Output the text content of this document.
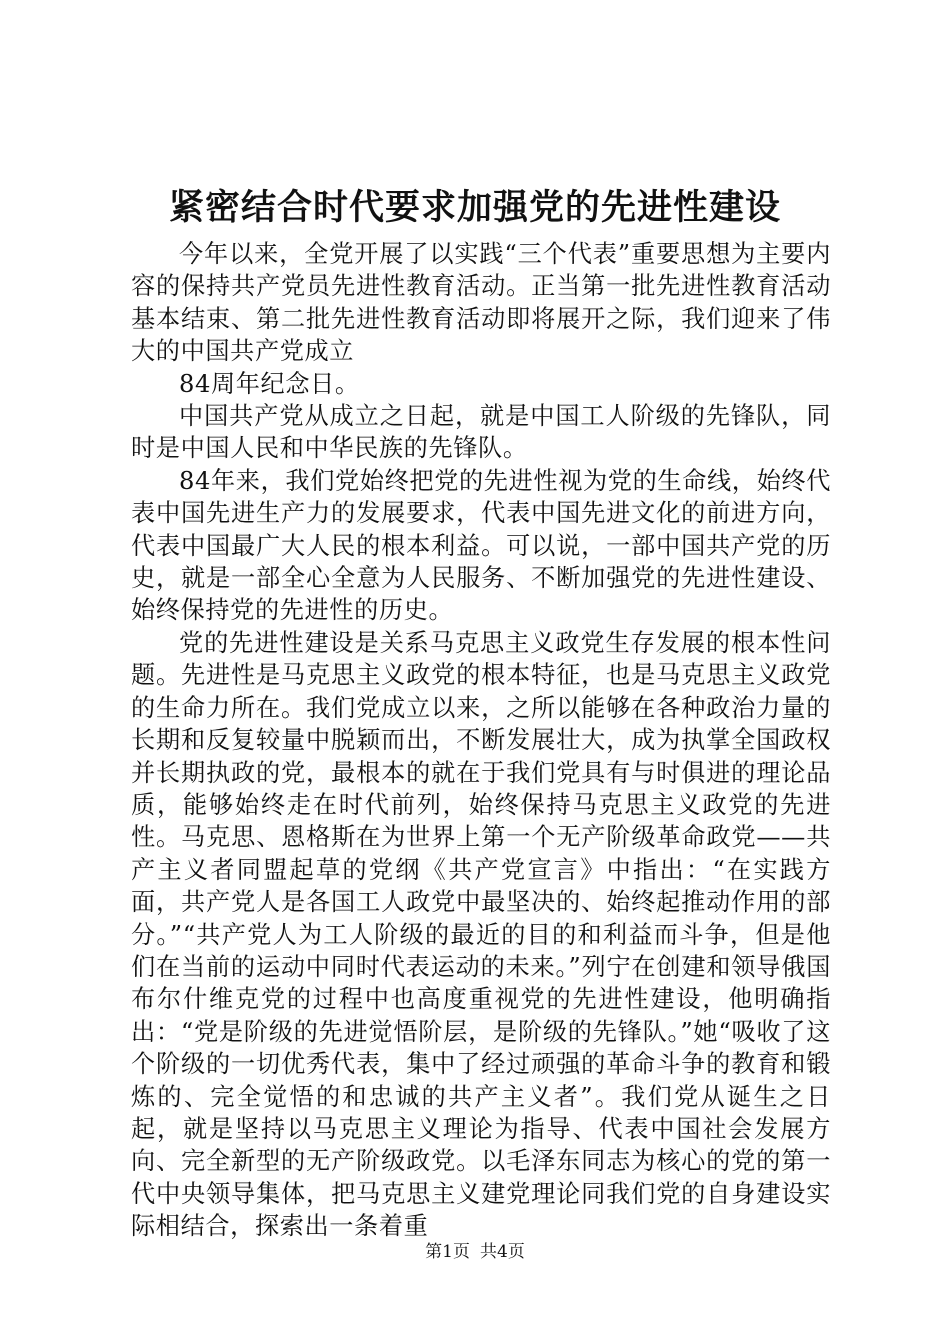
紧密结合时代要求加强党的先进性建设

今年以来，全党开展了以实践“三个代表”重要思想为主要内容的保持共产党员先进性教育活动。正当第一批先进性教育活动基本结束、第二批先进性教育活动即将展开之际，我们迎来了伟大的中国共产党成立

84周年纪念日。

中国共产党从成立之日起，就是中国工人阶级的先锋队，同时是中国人民和中华民族的先锋队。

84年来，我们党始终把党的先进性视为党的生命线，始终代表中国先进生产力的发展要求，代表中国先进文化的前进方向，代表中国最广大人民的根本利益。可以说，一部中国共产党的历史，就是一部全心全意为人民服务、不断加强党的先进性建设、始终保持党的先进性的历史。

党的先进性建设是关系马克思主义政党生存发展的根本性问题。先进性是马克思主义政党的根本特征，也是马克思主义政党的生命力所在。我们党成立以来，之所以能够在各种政治力量的长期和反复较量中脱颖而出，不断发展壮大，成为执掌全国政权并长期执政的党，最根本的就在于我们党具有与时俱进的理论品质，能够始终走在时代前列，始终保持马克思主义政党的先进性。马克思、恩格斯在为世界上第一个无产阶级革命政党——共产主义者同盟起草的党纲《共产党宣言》中指出：“在实践方面，共产党人是各国工人政党中最坚决的、始终起推动作用的部分。”“共产党人为工人阶级的最近的目的和利益而斗争，但是他们在当前的运动中同时代表运动的未来。”列宁在创建和领导俄国布尔什维克党的过程中也高度重视党的先进性建设，他明确指出：“党是阶级的先进觉悟阶层，是阶级的先锋队。”她“吸收了这个阶级的一切优秀代表，集中了经过顽强的革命斗争的教育和锻炼的、完全觉悟的和忠诚的共产主义者”。我们党从诞生之日起，就是坚持以马克思主义理论为指导、代表中国社会发展方向、完全新型的无产阶级政党。以毛泽东同志为核心的党的第一代中央领导集体，把马克思主义建党理论同我们党的自身建设实际相结合，探索出一条着重

第1页 共4页
